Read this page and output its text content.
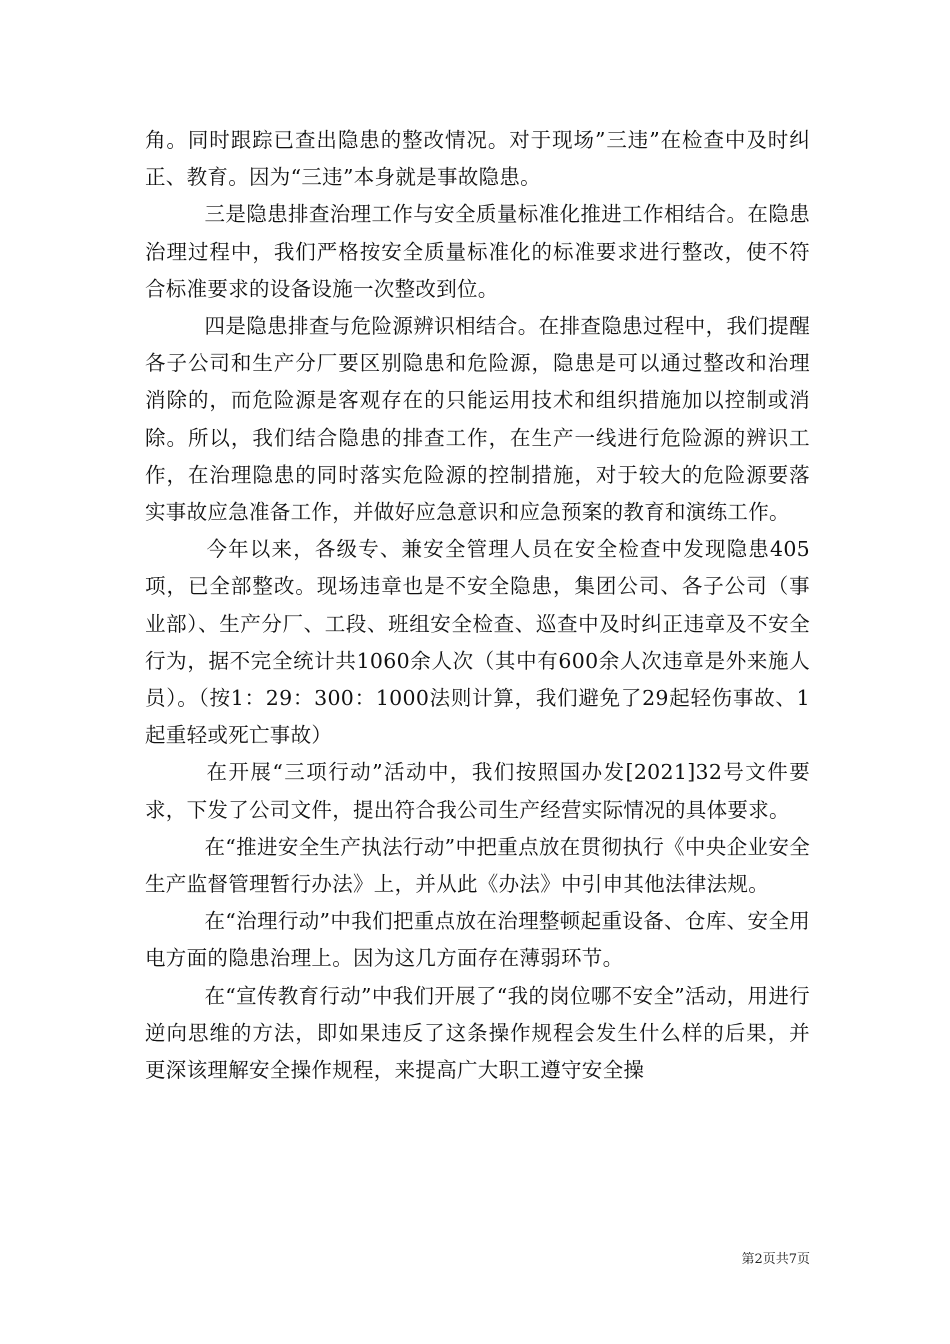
角。同时跟踪已查出隐患的整改情况。对于现场”三违”在检查中及时纠正、教育。因为“三违”本身就是事故隐患。

三是隐患排查治理工作与安全质量标准化推进工作相结合。在隐患治理过程中，我们严格按安全质量标准化的标准要求进行整改，使不符合标准要求的设备设施一次整改到位。

四是隐患排查与危险源辨识相结合。在排查隐患过程中，我们提醒各子公司和生产分厂要区别隐患和危险源，隐患是可以通过整改和治理消除的，而危险源是客观存在的只能运用技术和组织措施加以控制或消除。所以，我们结合隐患的排查工作，在生产一线进行危险源的辨识工作，在治理隐患的同时落实危险源的控制措施，对于较大的危险源要落实事故应急准备工作，并做好应急意识和应急预案的教育和演练工作。

今年以来，各级专、兼安全管理人员在安全检查中发现隐患405项，已全部整改。现场违章也是不安全隐患，集团公司、各子公司（事业部）、生产分厂、工段、班组安全检查、巡查中及时纠正违章及不安全行为，据不完全统计共1060余人次（其中有600余人次违章是外来施人员）。（按1：29：300：1000法则计算，我们避免了29起轻伤事故、1起重轻或死亡事故）

在开展“三项行动”活动中，我们按照国办发[2021]32号文件要求，下发了公司文件，提出符合我公司生产经营实际情况的具体要求。

在“推进安全生产执法行动”中把重点放在贯彻执行《中央企业安全生产监督管理暂行办法》上，并从此《办法》中引申其他法律法规。

在“治理行动”中我们把重点放在治理整顿起重设备、仓库、安全用电方面的隐患治理上。因为这几方面存在薄弱环节。

在“宣传教育行动”中我们开展了“我的岗位哪不安全”活动，用进行逆向思维的方法，即如果违反了这条操作规程会发生什么样的后果，并更深该理解安全操作规程，来提高广大职工遵守安全操

第2页共7页
